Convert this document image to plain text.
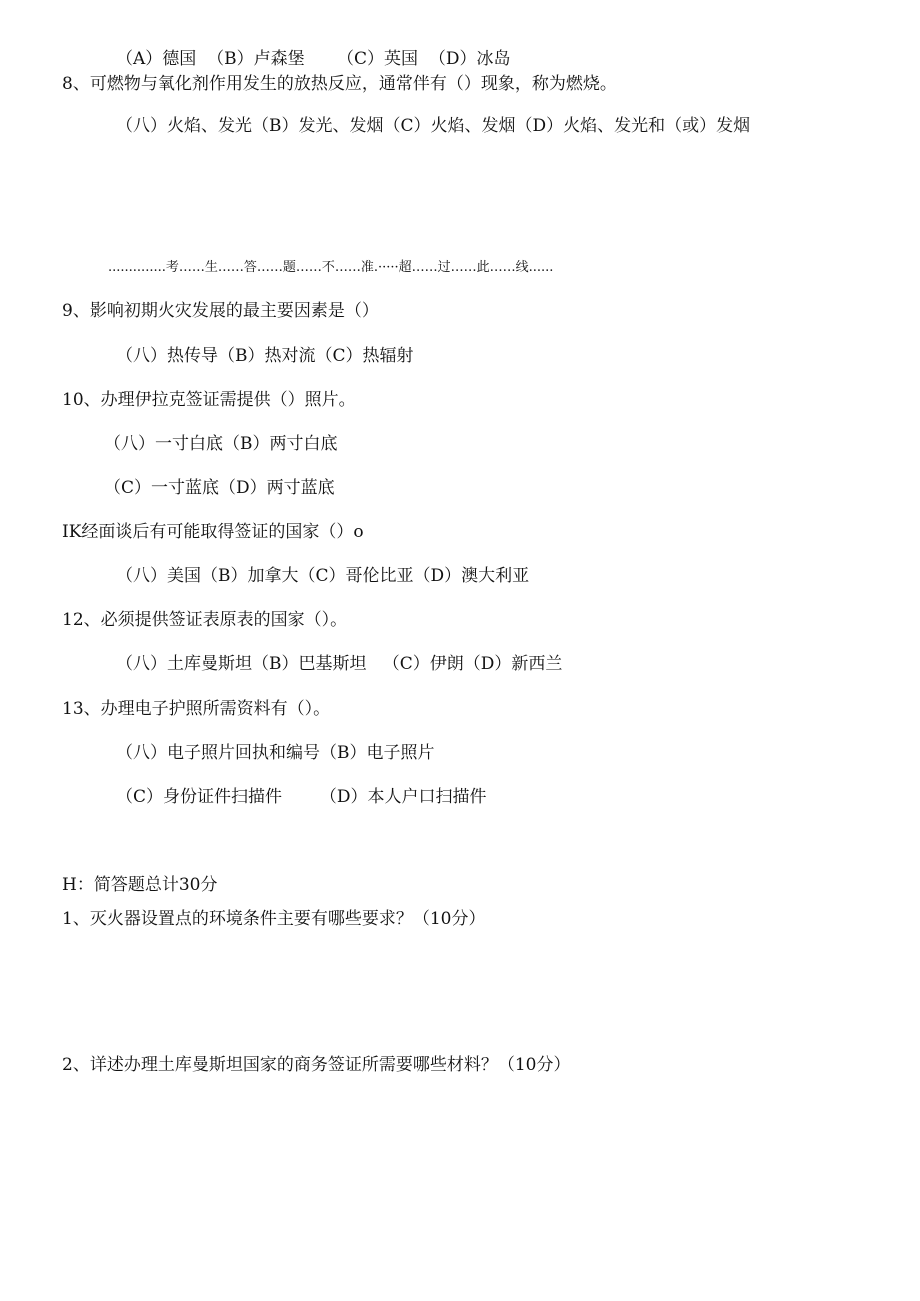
（A）德国  （B）卢森堡      （C）英国  （D）冰岛
8、可燃物与氧化剂作用发生的放热反应，通常伴有（）现象，称为燃烧。
（八）火焰、发光（B）发光、发烟（C）火焰、发烟（D）火焰、发光和（或）发烟
..............考……生……答……题……不……准.·····超……过……此……线......
9、影响初期火灾发展的最主要因素是（）
（八）热传导（B）热对流（C）热辐射
10、办理伊拉克签证需提供（）照片。
（八）一寸白底（B）两寸白底
（C）一寸蓝底（D）两寸蓝底
IK经面谈后有可能取得签证的国家（）o
（八）美国（B）加拿大（C）哥伦比亚（D）澳大利亚
12、必须提供签证表原表的国家（）。
（八）土库曼斯坦（B）巴基斯坦   （C）伊朗（D）新西兰
13、办理电子护照所需资料有（）。
（八）电子照片回执和编号（B）电子照片
（C）身份证件扫描件       （D）本人户口扫描件
H：简答题总计30分
1、灭火器设置点的环境条件主要有哪些要求？（10分）
2、详述办理土库曼斯坦国家的商务签证所需要哪些材料？（10分）
